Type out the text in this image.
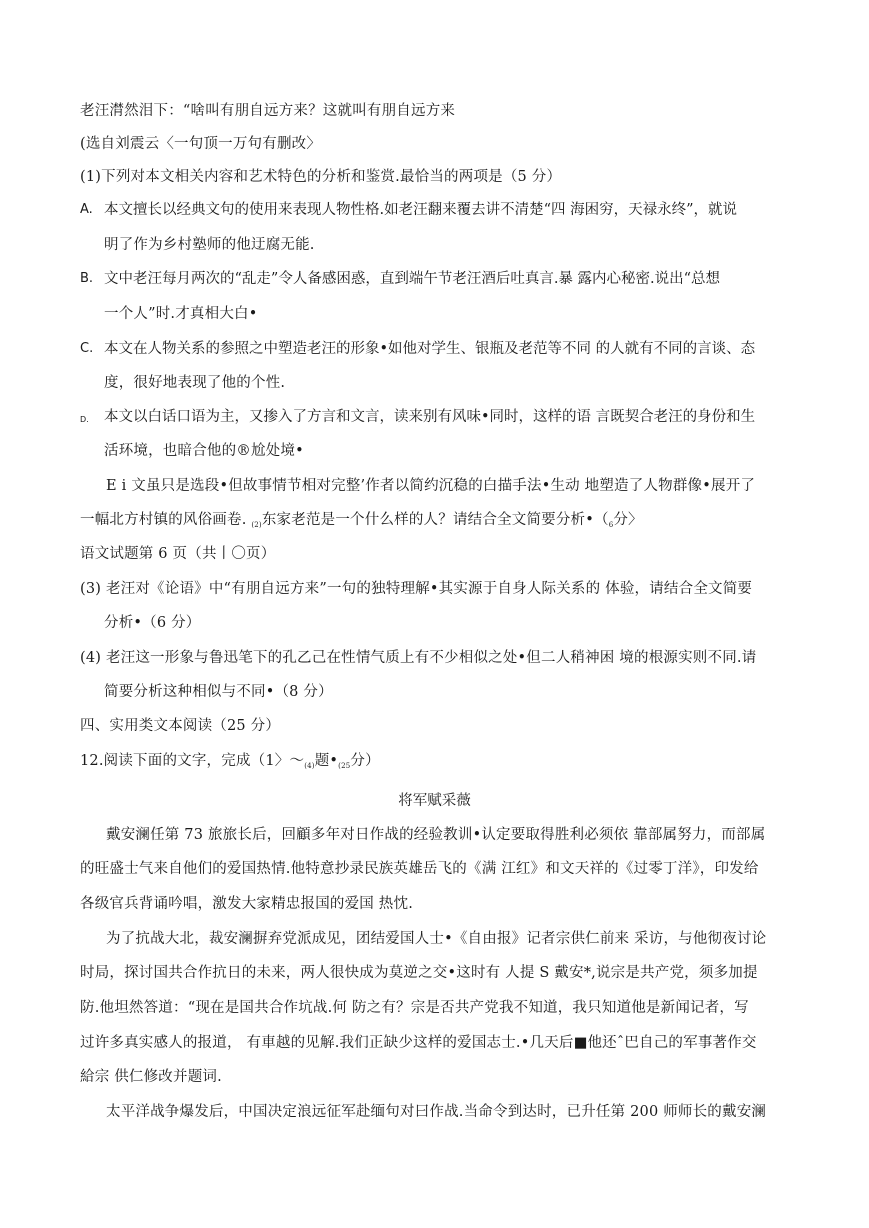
老汪潸然泪下：“啥叫有朋自远方来？这就叫有朋自远方来
(选自刘震云〈一句顶一万句有删改〉
(1)下列对本文相关内容和艺术特色的分析和鉴赏.最恰当的两项是（5 分）
A. 本文擅长以经典文句的使用来表现人物性格.如老汪翻来覆去讲不清楚“四 海困穷，天禄永终”，就说
明了作为乡村塾师的他迂腐无能.
B. 文中老汪每月两次的“乱走”令人备感困惑，直到端午节老汪酒后吐真言.暴 露内心秘密.说出“总想
一个人”时.才真相大白•
C. 本文在人物关系的参照之中塑造老汪的形象•如他对学生、银瓶及老范等不同 的人就有不同的言谈、态
度，很好地表现了他的个性.
D.	本文以白话口语为主，又掺入了方言和文言，读来别有风味•同时，这样的语 言既契合老汪的身份和生
活环境，也暗合他的®尬处境•
E i 文虽只是选段•但故事情节相对完整’作者以简约沉稳的白描手法•生动 地塑造了人物群像•展开了
一幅北方村镇的风俗画卷. $_{(2)}$东家老范是一个什么样的人？请结合全文简要分析$•(_6$分〉
语文试题第 6 页（共丨〇页）
(3) 老汪对《论语》中“有朋自远方来”一句的独特理解•其实源于自身人际关系的 体验，请结合全文简要
分析•（6 分）
(4) 老汪这一形象与鲁迅笔下的孔乙己在性情气质上有不少相似之处•但二人稍神困 境的根源实则不同.请
简要分析这种相似与不同•（8 分）
四、实用类文本阅读（25 分）
12.阅读下面的文字，完成（1〉〜$_{(4)}$题$•_{(25}$分）
将军赋采薇
戴安澜任第 73 旅旅长后，回顧多年对日作战的经验教训•认定要取得胜利必须依 靠部属努力，而部属
的旺盛士气来自他们的爱国热情.他特意抄录民族英雄岳飞的《满 江红》和文天祥的《过零丁洋》，印发给
各级官兵背诵吟唱，激发大家精忠报国的爱国 热忱.
为了抗战大北，裁安澜摒弃党派成见，团结爱国人士•《自由报》记者宗供仁前来 采访，与他彻夜讨论
时局，探讨国共合作抗日的未来，两人很快成为莫逆之交•这时有 人提 S 戴安*,说宗是共产党，须多加提
防.他坦然答道：“现在是国共合作坑战.何 防之有？宗是否共产党我不知道，我只知道他是新闻记者，写
过许多真实感人的报道， 有車越的见解.我们正缺少这样的爱国志士.•几天后■他还ˆ巴自己的军事著作交
給宗 供仁修改并题词.
太平洋战争爆发后，中国决定浪远征军赴缅句对曰作战.当命令到达时，已升任第 200 师师长的戴安澜
